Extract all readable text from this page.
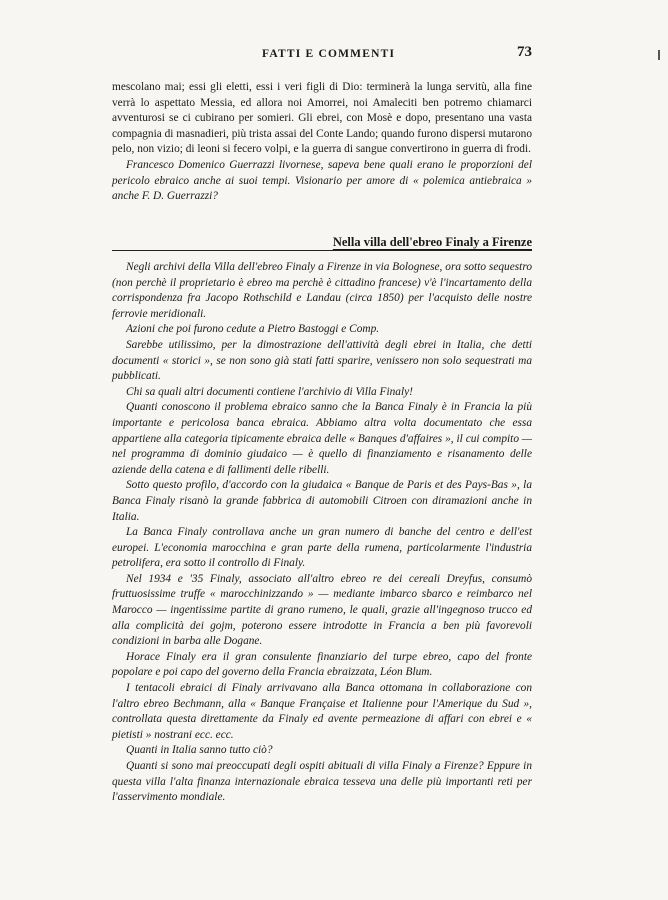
FATTI E COMMENTI	73

mescolano mai; essi gli eletti, essi i veri figli di Dio: terminerà la lunga servitù, alla fine verrà lo aspettato Messia, ed allora noi Amorrei, noi Amaleciti ben potremo chiamarci avventurosi se ci cubirano per somieri. Gli ebrei, con Mosè e dopo, presentano una vasta compagnia di masnadieri, più trista assai del Conte Lando; quando furono dispersi mutarono pelo, non vizio; di leoni si fecero volpi, e la guerra di sangue convertirono in guerra di frodi.

Francesco Domenico Guerrazzi livornese, sapeva bene quali erano le proporzioni del pericolo ebraico anche ai suoi tempi. Visionario per amore di « polemica antiebraica » anche F. D. Guerrazzi?

Nella villa dell'ebreo Finaly a Firenze

Negli archivi della Villa dell'ebreo Finaly a Firenze in via Bolognese, ora sotto sequestro (non perchè il proprietario è ebreo ma perchè è cittadino francese) v'è l'incartamento della corrispondenza fra Jacopo Rothschild e Landau (circa 1850) per l'acquisto delle nostre ferrovie meridionali.

Azioni che poi furono cedute a Pietro Bastoggi e Comp.

Sarebbe utilissimo, per la dimostrazione dell'attività degli ebrei in Italia, che detti documenti « storici », se non sono già stati fatti sparire, venissero non solo sequestrati ma pubblicati.

Chi sa quali altri documenti contiene l'archivio di Villa Finaly!

Quanti conoscono il problema ebraico sanno che la Banca Finaly è in Francia la più importante e pericolosa banca ebraica. Abbiamo altra volta documentato che essa appartiene alla categoria tipicamente ebraica delle « Banques d'affaires », il cui compito — nel programma di dominio giudaico — è quello di finanziamento e risanamento delle aziende della catena e di fallimenti delle ribelli.

Sotto questo profilo, d'accordo con la giudaica « Banque de Paris et des Pays-Bas », la Banca Finaly risanò la grande fabbrica di automobili Citroen con diramazioni anche in Italia.

La Banca Finaly controllava anche un gran numero di banche del centro e dell'est europei. L'economia marocchina e gran parte della rumena, particolarmente l'industria petrolifera, era sotto il controllo di Finaly.

Nel 1934 e '35 Finaly, associato all'altro ebreo re dei cereali Dreyfus, consumò fruttuosissime truffe « marocchinizzando » — mediante imbarco sbarco e reimbarco nel Marocco — ingentissime partite di grano rumeno, le quali, grazie all'ingegnoso trucco ed alla complicità dei gojm, poterono essere introdotte in Francia a ben più favorevoli condizioni in barba alle Dogane.

Horace Finaly era il gran consulente finanziario del turpe ebreo, capo del fronte popolare e poi capo del governo della Francia ebraizzata, Léon Blum.

I tentacoli ebraici di Finaly arrivavano alla Banca ottomana in collaborazione con l'altro ebreo Bechmann, alla « Banque Française et Italienne pour l'Amerique du Sud », controllata questa direttamente da Finaly ed avente permeazione di affari con ebrei e « pietisti » nostrani ecc. ecc.

Quanti in Italia sanno tutto ciò?

Quanti si sono mai preoccupati degli ospiti abituali di villa Finaly a Firenze? Eppure in questa villa l'alta finanza internazionale ebraica tesseva una delle più importanti reti per l'asservimento mondiale.
